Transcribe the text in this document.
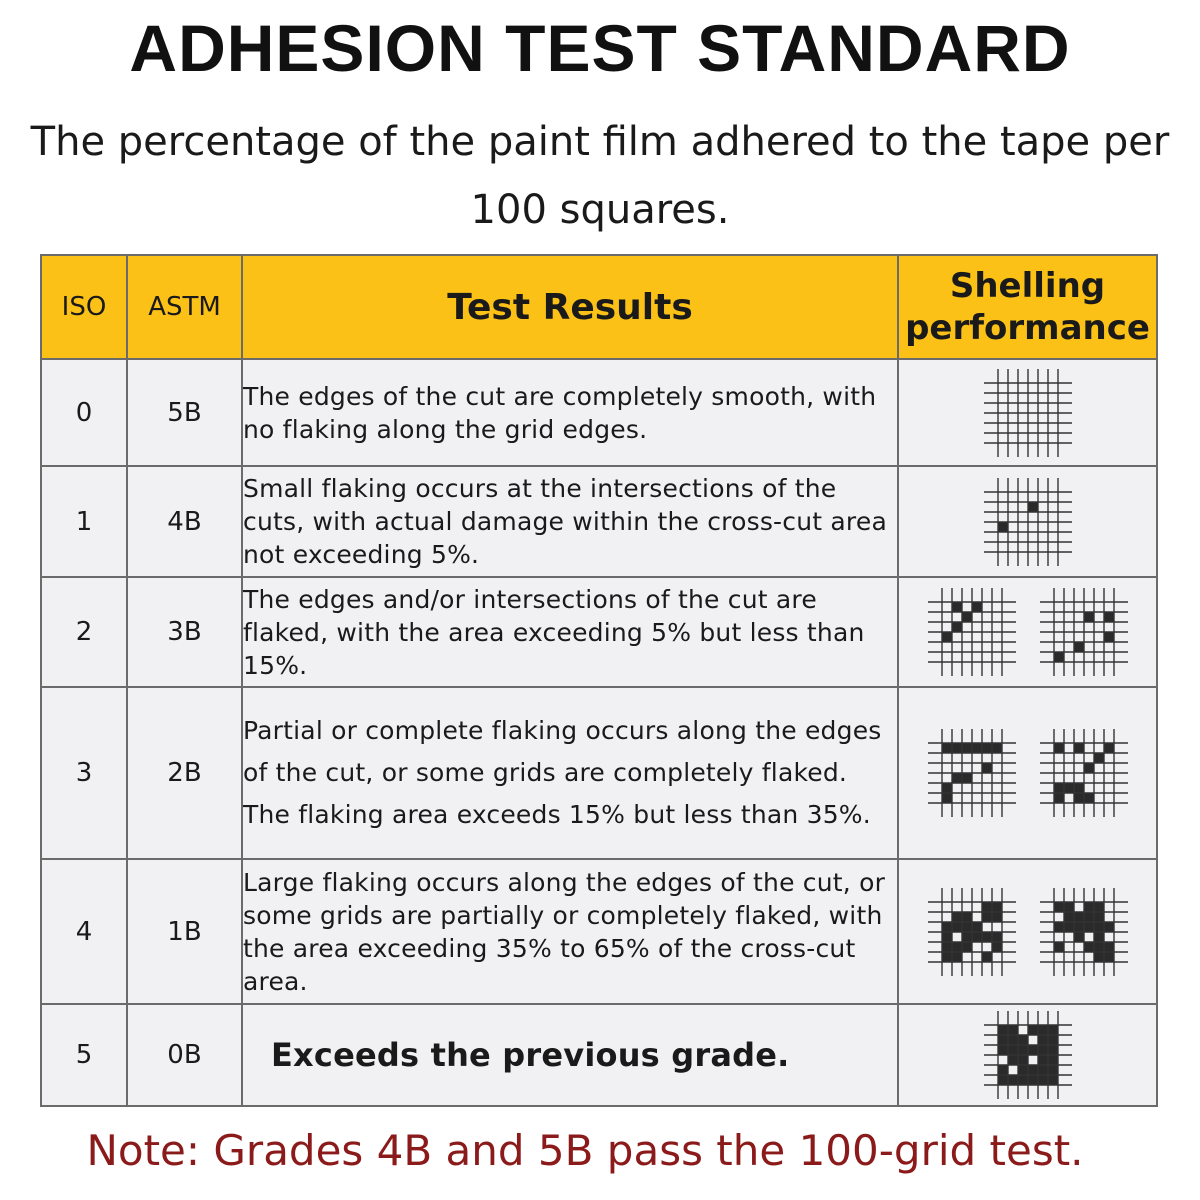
ADHESION TEST STANDARD
The percentage of the paint film adhered to the tape per 100 squares.
ISO	ASTM	Test Results	Shelling performance
0	5B	The edges of the cut are completely smooth, with no flaking along the grid edges.	
1	4B	Small flaking occurs at the intersections of the cuts, with actual damage within the cross-cut area not exceeding 5%.	
2	3B	The edges and/or intersections of the cut are flaked, with the area exceeding 5% but less than 15%.	
3	2B	Partial or complete flaking occurs along the edges of the cut, or some grids are completely flaked. The flaking area exceeds 15% but less than 35%.	
4	1B	Large flaking occurs along the edges of the cut, or some grids are partially or completely flaked, with the area exceeding 35% to 65% of the cross-cut area.	
5	0B	Exceeds the previous grade.	
Note: Grades 4B and 5B pass the 100-grid test.
